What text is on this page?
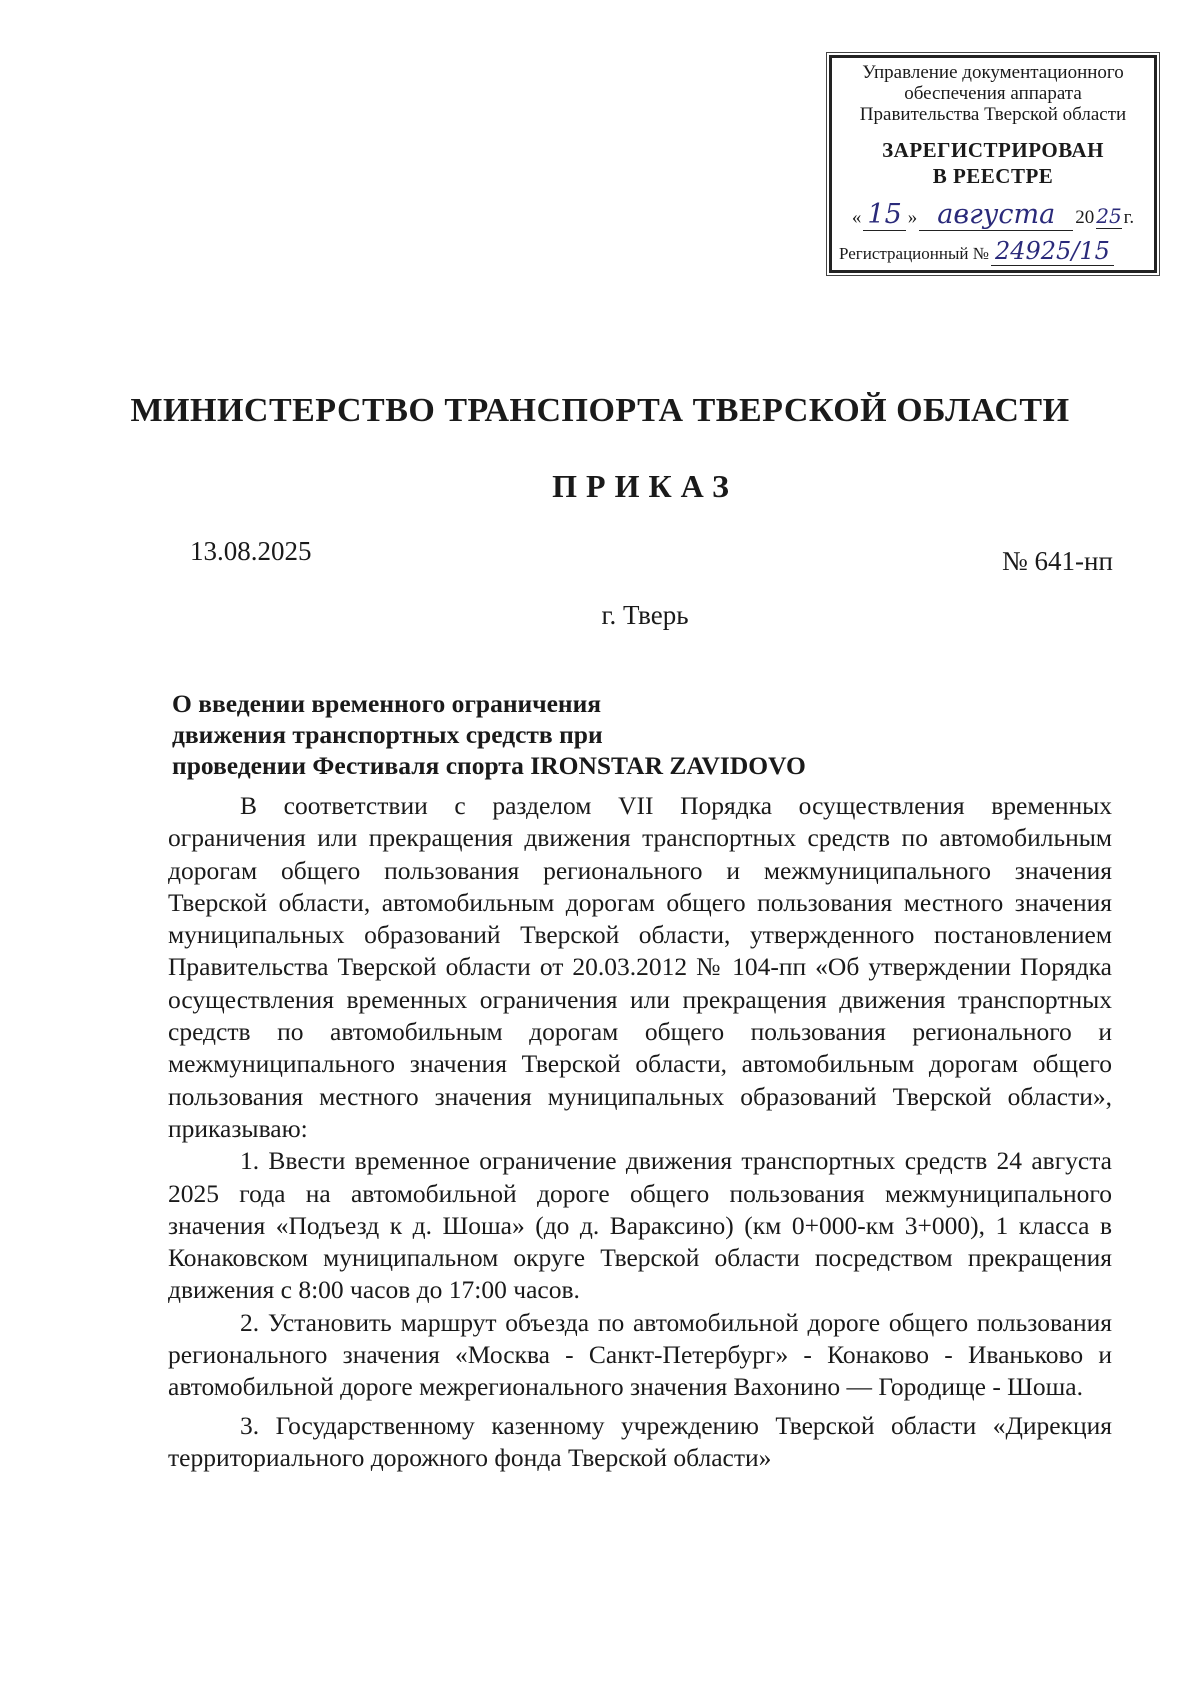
Управление документационного
обеспечения аппарата
Правительства Тверской области
ЗАРЕГИСТРИРОВАН
В РЕЕСТРЕ
« 15 » августа	20 25 г.
Регистрационный № 24925/15
МИНИСТЕРСТВО ТРАНСПОРТА ТВЕРСКОЙ ОБЛАСТИ
ПРИКАЗ
13.08.2025	№ 641-нп
г. Тверь
О введении временного ограничения
движения транспортных средств при
проведении Фестиваля спорта IRONSTAR ZAVIDOVO

В соответствии с разделом VII Порядка осуществления временных ограничения или прекращения движения транспортных средств по автомобильным дорогам общего пользования регионального и межмуниципального значения Тверской области, автомобильным дорогам общего пользования местного значения муниципальных образований Тверской области, утвержденного постановлением Правительства Тверской области от 20.03.2012 № 104-пп «Об утверждении Порядка осуществления временных ограничения или прекращения движения транспортных средств по автомобильным дорогам общего пользования регионального и межмуниципального значения Тверской области, автомобильным дорогам общего пользования местного значения муниципальных образований Тверской области», приказываю:

1. Ввести временное ограничение движения транспортных средств 24 августа 2025 года на автомобильной дороге общего пользования межмуниципального значения «Подъезд к д. Шоша» (до д. Вараксино) (км 0+000-км 3+000), 1 класса в Конаковском муниципальном округе Тверской области посредством прекращения движения с 8:00 часов до 17:00 часов.

2. Установить маршрут объезда по автомобильной дороге общего пользования регионального значения «Москва - Санкт-Петербург» - Конаково - Иваньково и автомобильной дороге межрегионального значения Вахонино — Городище - Шоша.

3. Государственному казенному учреждению Тверской области «Дирекция территориального дорожного фонда Тверской области»
